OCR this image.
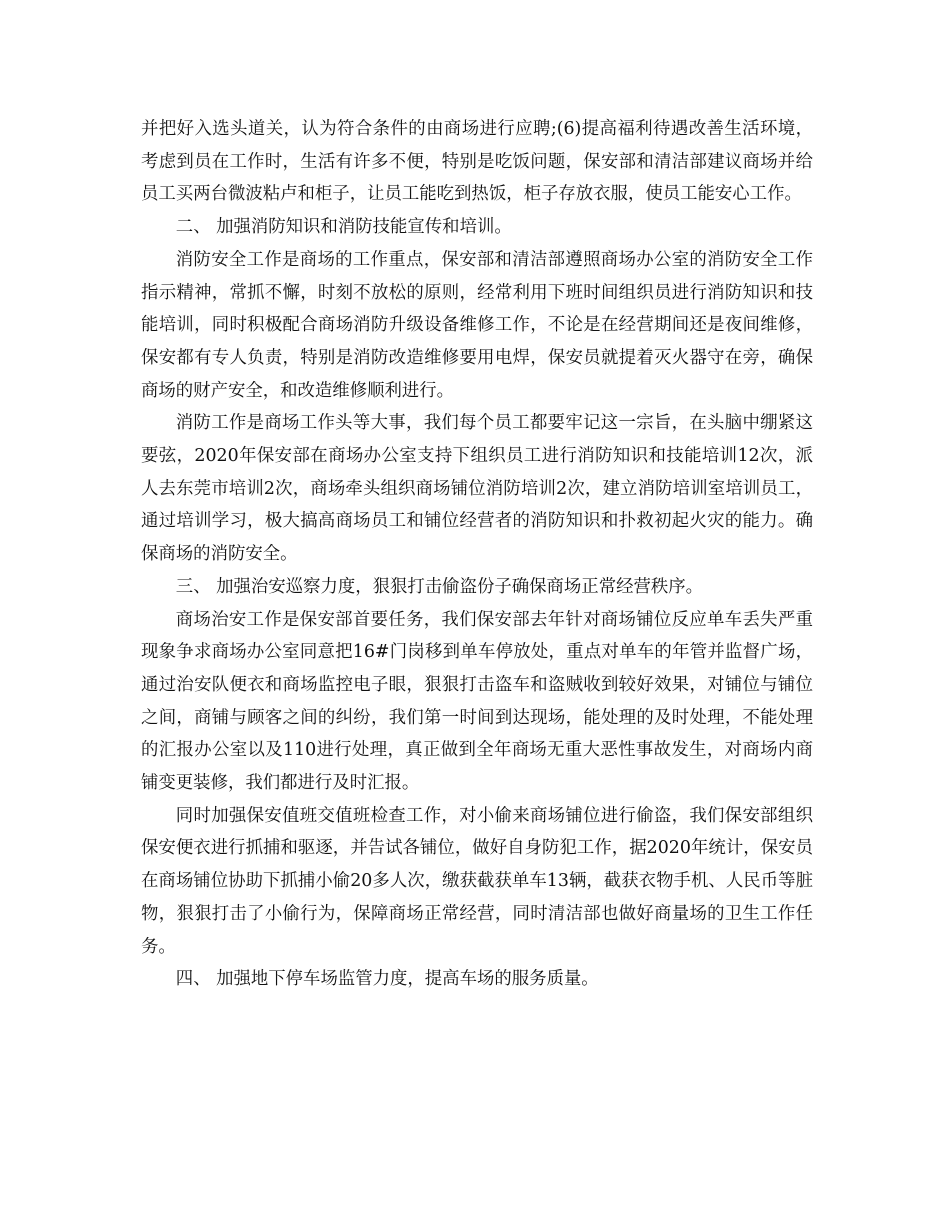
并把好入选头道关，认为符合条件的由商场进行应聘;(6)提高福利待遇改善生活环境，考虑到员在工作时，生活有许多不便，特别是吃饭问题，保安部和清洁部建议商场并给员工买两台微波粘卢和柜子，让员工能吃到热饭，柜子存放衣服，使员工能安心工作。

二、 加强消防知识和消防技能宣传和培训。

消防安全工作是商场的工作重点，保安部和清洁部遵照商场办公室的消防安全工作指示精神，常抓不懈，时刻不放松的原则，经常利用下班时间组织员进行消防知识和技能培训，同时积极配合商场消防升级设备维修工作，不论是在经营期间还是夜间维修，保安都有专人负责，特别是消防改造维修要用电焊，保安员就提着灭火器守在旁，确保商场的财产安全，和改造维修顺利进行。

消防工作是商场工作头等大事，我们每个员工都要牢记这一宗旨，在头脑中绷紧这要弦，2020年保安部在商场办公室支持下组织员工进行消防知识和技能培训12次，派人去东莞市培训2次，商场牵头组织商场铺位消防培训2次，建立消防培训室培训员工，通过培训学习，极大搞高商场员工和铺位经营者的消防知识和扑救初起火灾的能力。确保商场的消防安全。

三、 加强治安巡察力度，狠狠打击偷盗份子确保商场正常经营秩序。

商场治安工作是保安部首要任务，我们保安部去年针对商场铺位反应单车丢失严重现象争求商场办公室同意把16#门岗移到单车停放处，重点对单车的年管并监督广场，通过治安队便衣和商场监控电子眼，狠狠打击盗车和盗贼收到较好效果，对铺位与铺位之间，商铺与顾客之间的纠纷，我们第一时间到达现场，能处理的及时处理，不能处理的汇报办公室以及110进行处理，真正做到全年商场无重大恶性事故发生，对商场内商铺变更装修，我们都进行及时汇报。

同时加强保安值班交值班检查工作，对小偷来商场铺位进行偷盗，我们保安部组织保安便衣进行抓捕和驱逐，并告试各铺位，做好自身防犯工作，据2020年统计，保安员在商场铺位协助下抓捕小偷20多人次，缴获截获单车13辆，截获衣物手机、人民币等脏物，狠狠打击了小偷行为，保障商场正常经营，同时清洁部也做好商量场的卫生工作任务。

四、 加强地下停车场监管力度，提高车场的服务质量。
